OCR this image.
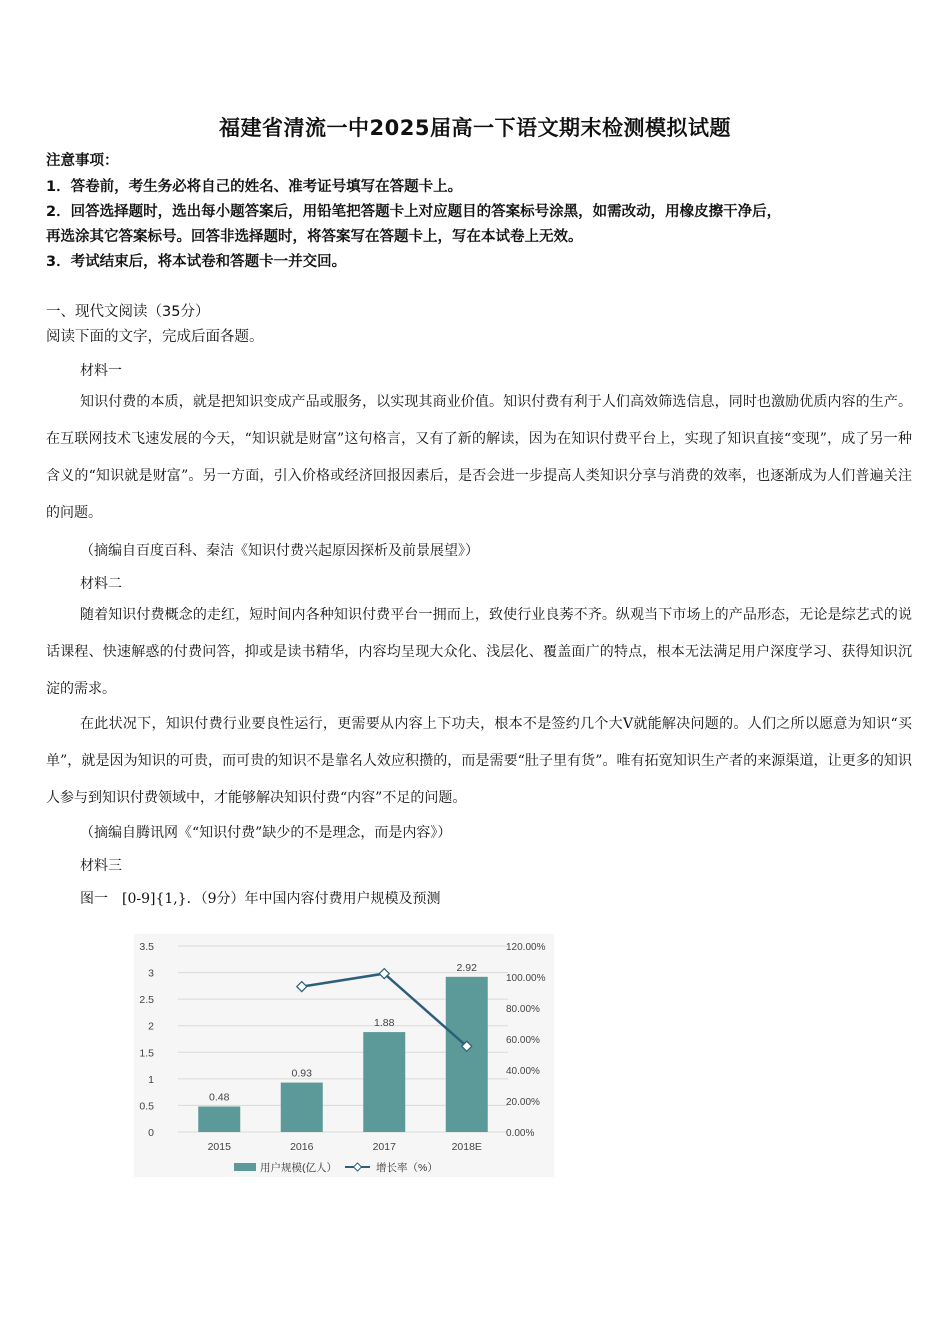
福建省清流一中2025届高一下语文期末检测模拟试题
注意事项：
1．答卷前，考生务必将自己的姓名、准考证号填写在答题卡上。
2．回答选择题时，选出每小题答案后，用铅笔把答题卡上对应题目的答案标号涂黑，如需改动，用橡皮擦干净后，
再选涂其它答案标号。回答非选择题时，将答案写在答题卡上，写在本试卷上无效。
3．考试结束后，将本试卷和答题卡一并交回。
一、现代文阅读（35分）
阅读下面的文字，完成后面各题。
材料一
知识付费的本质，就是把知识变成产品或服务，以实现其商业价值。知识付费有利于人们高效筛选信息，同时也激励优质内容的生产。在互联网技术飞速发展的今天，“知识就是财富”这句格言，又有了新的解读，因为在知识付费平台上，实现了知识直接“变现”，成了另一种含义的“知识就是财富”。另一方面，引入价格或经济回报因素后，是否会进一步提高人类知识分享与消费的效率，也逐渐成为人们普遍关注的问题。
（摘编自百度百科、秦洁《知识付费兴起原因探析及前景展望》）
材料二
随着知识付费概念的走红，短时间内各种知识付费平台一拥而上，致使行业良莠不齐。纵观当下市场上的产品形态，无论是综艺式的说话课程、快速解惑的付费问答，抑或是读书精华，内容均呈现大众化、浅层化、覆盖面广的特点，根本无法满足用户深度学习、获得知识沉淀的需求。
在此状况下，知识付费行业要良性运行，更需要从内容上下功夫，根本不是签约几个大V就能解决问题的。人们之所以愿意为知识“买单”，就是因为知识的可贵，而可贵的知识不是靠名人效应积攒的，而是需要“肚子里有货”。唯有拓宽知识生产者的来源渠道，让更多的知识人参与到知识付费领域中，才能够解决知识付费“内容”不足的问题。
（摘编自腾讯网《“知识付费”缺少的不是理念，而是内容》）
材料三
图一　[0-9]{1,}．（9分）年中国内容付费用户规模及预测
0.48
0.93
1.88
2.92
0
0.5
1
1.5
2
2.5
3
3.5
0.00%
20.00%
40.00%
60.00%
80.00%
100.00%
120.00%
2015	2016	2017	2018E
用户规模(亿人）	增长率（%）
